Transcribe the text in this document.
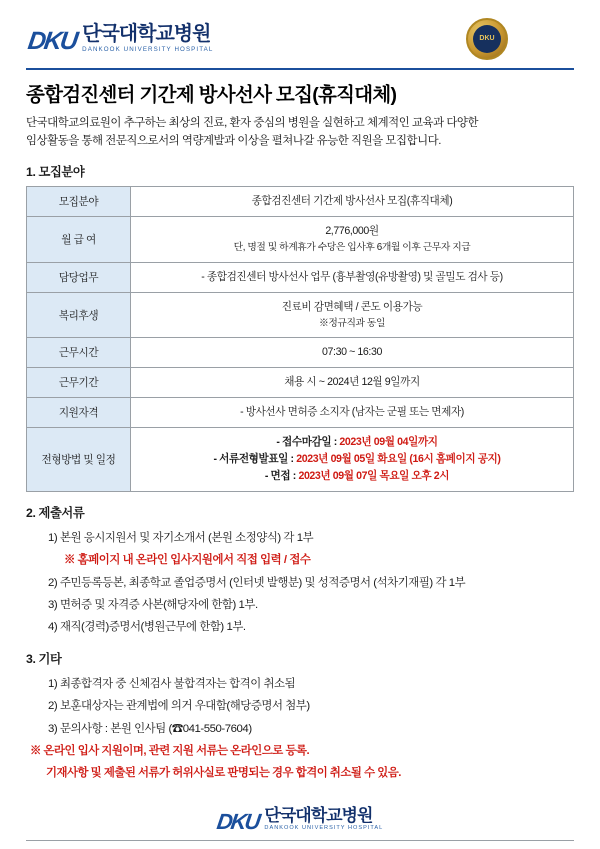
DKU 단국대학교병원
DANKOOK UNIVERSITY HOSPITAL
DKU
종합검진센터 기간제 방사선사 모집(휴직대체)

단국대학교의료원이 추구하는 최상의 진료, 환자 중심의 병원을 실현하고 체계적인 교육과 다양한
임상활동을 통해 전문직으로서의 역량계발과 이상을 펼쳐나갈 유능한 직원을 모집합니다.

1. 모집분야
모집분야	종합검진센터 기간제 방사선사 모집(휴직대체)

월 급 여	2,776,000원
단, 명절 및 하계휴가 수당은 입사후 6개월 이후 근무자 지급

담당업무	- 종합검진센터 방사선사 업무 (흉부촬영(유방촬영) 및 골밀도 검사 등)

복리후생	진료비 감면혜택 / 콘도 이용가능
※정규직과 동일

근무시간	07:30 ~ 16:30

근무기간	채용 시 ~ 2024년 12월 9일까지

지원자격	- 방사선사 면허증 소지자 (남자는 군필 또는 면제자)

전형방법 및 일정	- 접수마감일 : 2023년 09월 04일까지
- 서류전형발표일 : 2023년 09월 05일 화요일 (16시 홈페이지 공지)
- 면접 : 2023년 09월 07일 목요일 오후 2시
2. 제출서류
1) 본원 응시지원서 및 자기소개서 (본원 소정양식) 각 1부
※ 홈페이지 내 온라인 입사지원에서 직접 입력 / 접수
2) 주민등록등본, 최종학교 졸업증명서 (인터넷 발행분) 및 성적증명서 (석차기재필) 각 1부
3) 면허증 및 자격증 사본(해당자에 한함) 1부.
4) 재직(경력)증명서(병원근무에 한함) 1부.
3. 기타
1) 최종합격자 중 신체검사 불합격자는 합격이 취소됨
2) 보훈대상자는 관계법에 의거 우대함(해당증명서 첨부)
3) 문의사항 : 본원 인사팀 (☎041-550-7604)
※ 온라인 입사 지원이며, 관련 지원 서류는 온라인으로 등록.
기재사항 및 제출된 서류가 허위사실로 판명되는 경우 합격이 취소될 수 있음.
DKU 단국대학교병원
DANKOOK UNIVERSITY HOSPITAL
